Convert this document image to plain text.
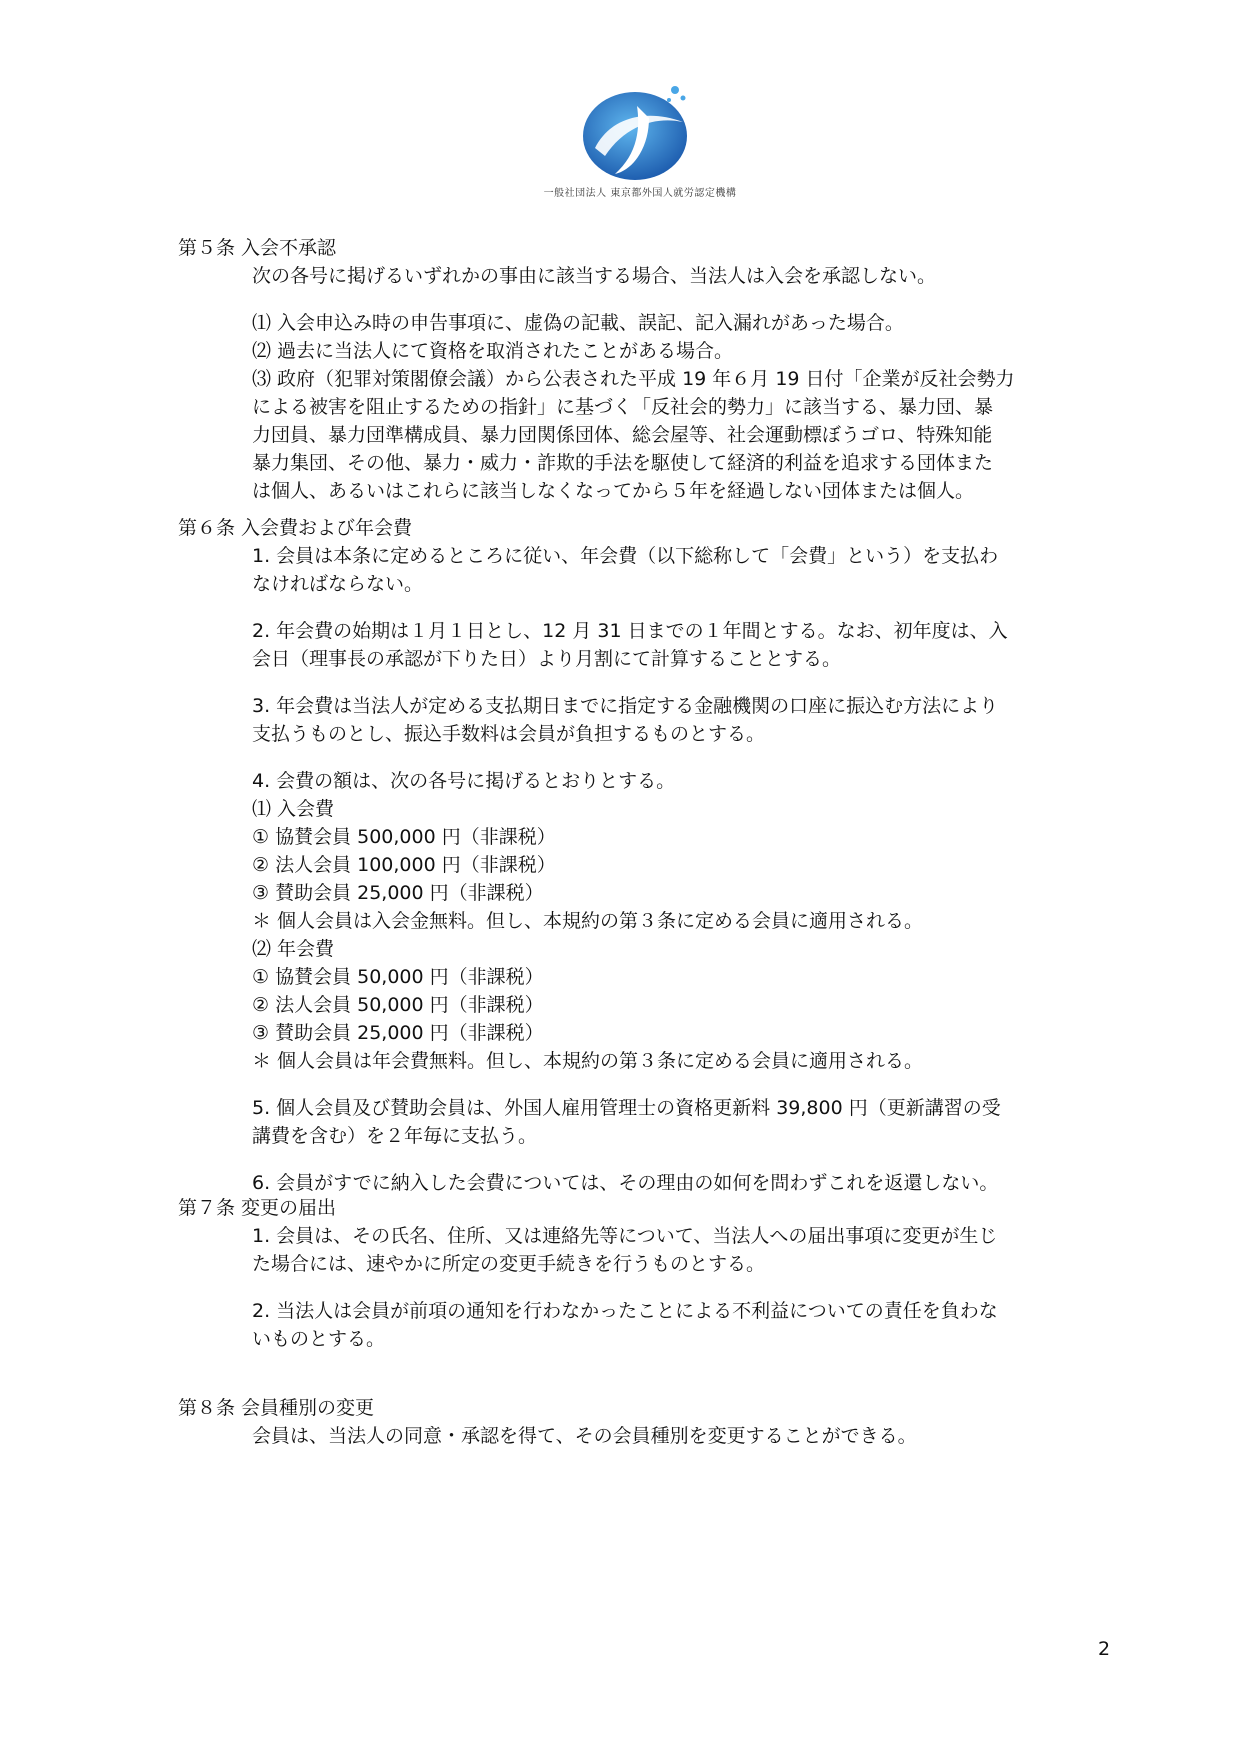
一般社団法人 東京都外国人就労認定機構
第５条 入会不承認
次の各号に掲げるいずれかの事由に該当する場合、当法人は入会を承認しない。
⑴ 入会申込み時の申告事項に、虚偽の記載、誤記、記入漏れがあった場合。
⑵ 過去に当法人にて資格を取消されたことがある場合。
⑶ 政府（犯罪対策閣僚会議）から公表された平成 19 年６月 19 日付「企業が反社会勢力
による被害を阻止するための指針」に基づく「反社会的勢力」に該当する、暴力団、暴
力団員、暴力団準構成員、暴力団関係団体、総会屋等、社会運動標ぼうゴロ、特殊知能
暴力集団、その他、暴力・威力・詐欺的手法を駆使して経済的利益を追求する団体また
は個人、あるいはこれらに該当しなくなってから５年を経過しない団体または個人。
第６条 入会費および年会費
1. 会員は本条に定めるところに従い、年会費（以下総称して「会費」という）を支払わ
なければならない。
2. 年会費の始期は１月１日とし、12 月 31 日までの１年間とする。なお、初年度は、入
会日（理事長の承認が下りた日）より月割にて計算することとする。
3. 年会費は当法人が定める支払期日までに指定する金融機関の口座に振込む方法により
支払うものとし、振込手数料は会員が負担するものとする。
4. 会費の額は、次の各号に掲げるとおりとする。
⑴ 入会費
① 協賛会員 500,000 円（非課税）
② 法人会員 100,000 円（非課税）
③ 賛助会員 25,000 円（非課税）
＊ 個人会員は入会金無料。但し、本規約の第３条に定める会員に適用される。
⑵ 年会費
① 協賛会員 50,000 円（非課税）
② 法人会員 50,000 円（非課税）
③ 賛助会員 25,000 円（非課税）
＊ 個人会員は年会費無料。但し、本規約の第３条に定める会員に適用される。
5. 個人会員及び賛助会員は、外国人雇用管理士の資格更新料 39,800 円（更新講習の受
講費を含む）を２年毎に支払う。
6. 会員がすでに納入した会費については、その理由の如何を問わずこれを返還しない。
第７条 変更の届出
1. 会員は、その氏名、住所、又は連絡先等について、当法人への届出事項に変更が生じ
た場合には、速やかに所定の変更手続きを行うものとする。
2. 当法人は会員が前項の通知を行わなかったことによる不利益についての責任を負わな
いものとする。
第８条 会員種別の変更
会員は、当法人の同意・承認を得て、その会員種別を変更することができる。
2
